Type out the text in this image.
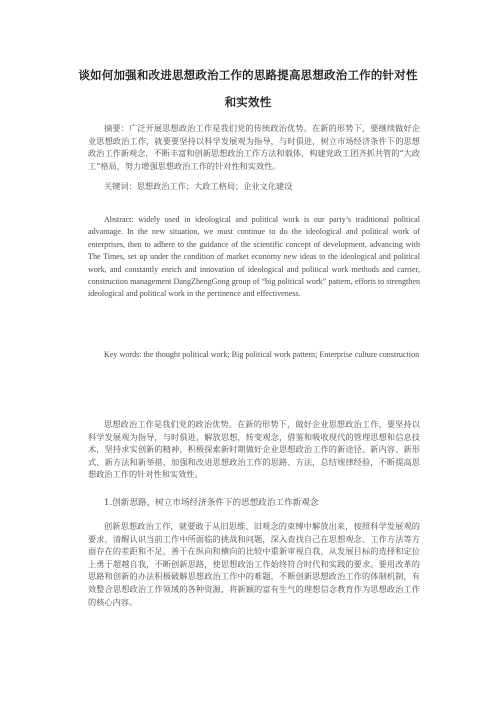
谈如何加强和改进思想政治工作的思路提高思想政治工作的针对性
和实效性
摘要：广泛开展思想政治工作是我们党的传统政治优势。在新的形势下，要继续做好企业思想政治工作，就要要坚持以科学发展观为指导，与时俱进，树立市场经济条件下的思想政治工作新观念，不断丰富和创新思想政治工作方法和载体，构建党政工团齐抓共管的“大政工”格局，努力增强思想政治工作的针对性和实效性。
关键词：思想政治工作；大政工格局；企业文化建设
Abstract: widely used in ideological and political work is our party’s traditional political advantage. In the new situation, we must continue to do the ideological and political work of enterprises, then to adhere to the guidance of the scientific concept of development, advancing with The Times, set up under the condition of market economy new ideas to the ideological and political work, and constantly enrich and innovation of ideological and political work methods and carrier, construction management DangZhengGong group of “big political work” pattern, efforts to strengthen ideological and political work in the pertinence and effectiveness.
Key words: the thought political work; Big political work pattern; Enterprise culture construction
思想政治工作是我们党的政治优势。在新的形势下，做好企业思想政治工作，要坚持以科学发展观为指导，与时俱进，解放思想，转变观念，借鉴和吸收现代的管理思想和信息技术，坚持求实创新的精神，积极探索新时期做好企业思想政治工作的新途径、新内容、新形式、新方法和新举措，加强和改进思想政治工作的思路、方法，总结规律经验，不断提高思想政治工作的针对性和实效性。
1.创新思路，树立市场经济条件下的思想政治工作新观念
创新思想政治工作，就要敢于从旧思维、旧观念的束缚中解放出来，按照科学发展观的要求，清醒认识当前工作中所面临的挑战和问题，深入查找自己在思想观念、工作方法等方面存在的差距和不足，善于在纵向和横向的比较中重新审视自我，从发展目标的选择和定位上勇于超越自我，不断创新思路，使思想政治工作始终符合时代和实践的要求。要用改革的思路和创新的办法积极破解思想政治工作中的难题，不断创新思想政治工作的体制机制，有效整合思想政治工作领域的各种资源，将新颖的富有生气的理想信念教育作为思想政治工作的核心内容。
